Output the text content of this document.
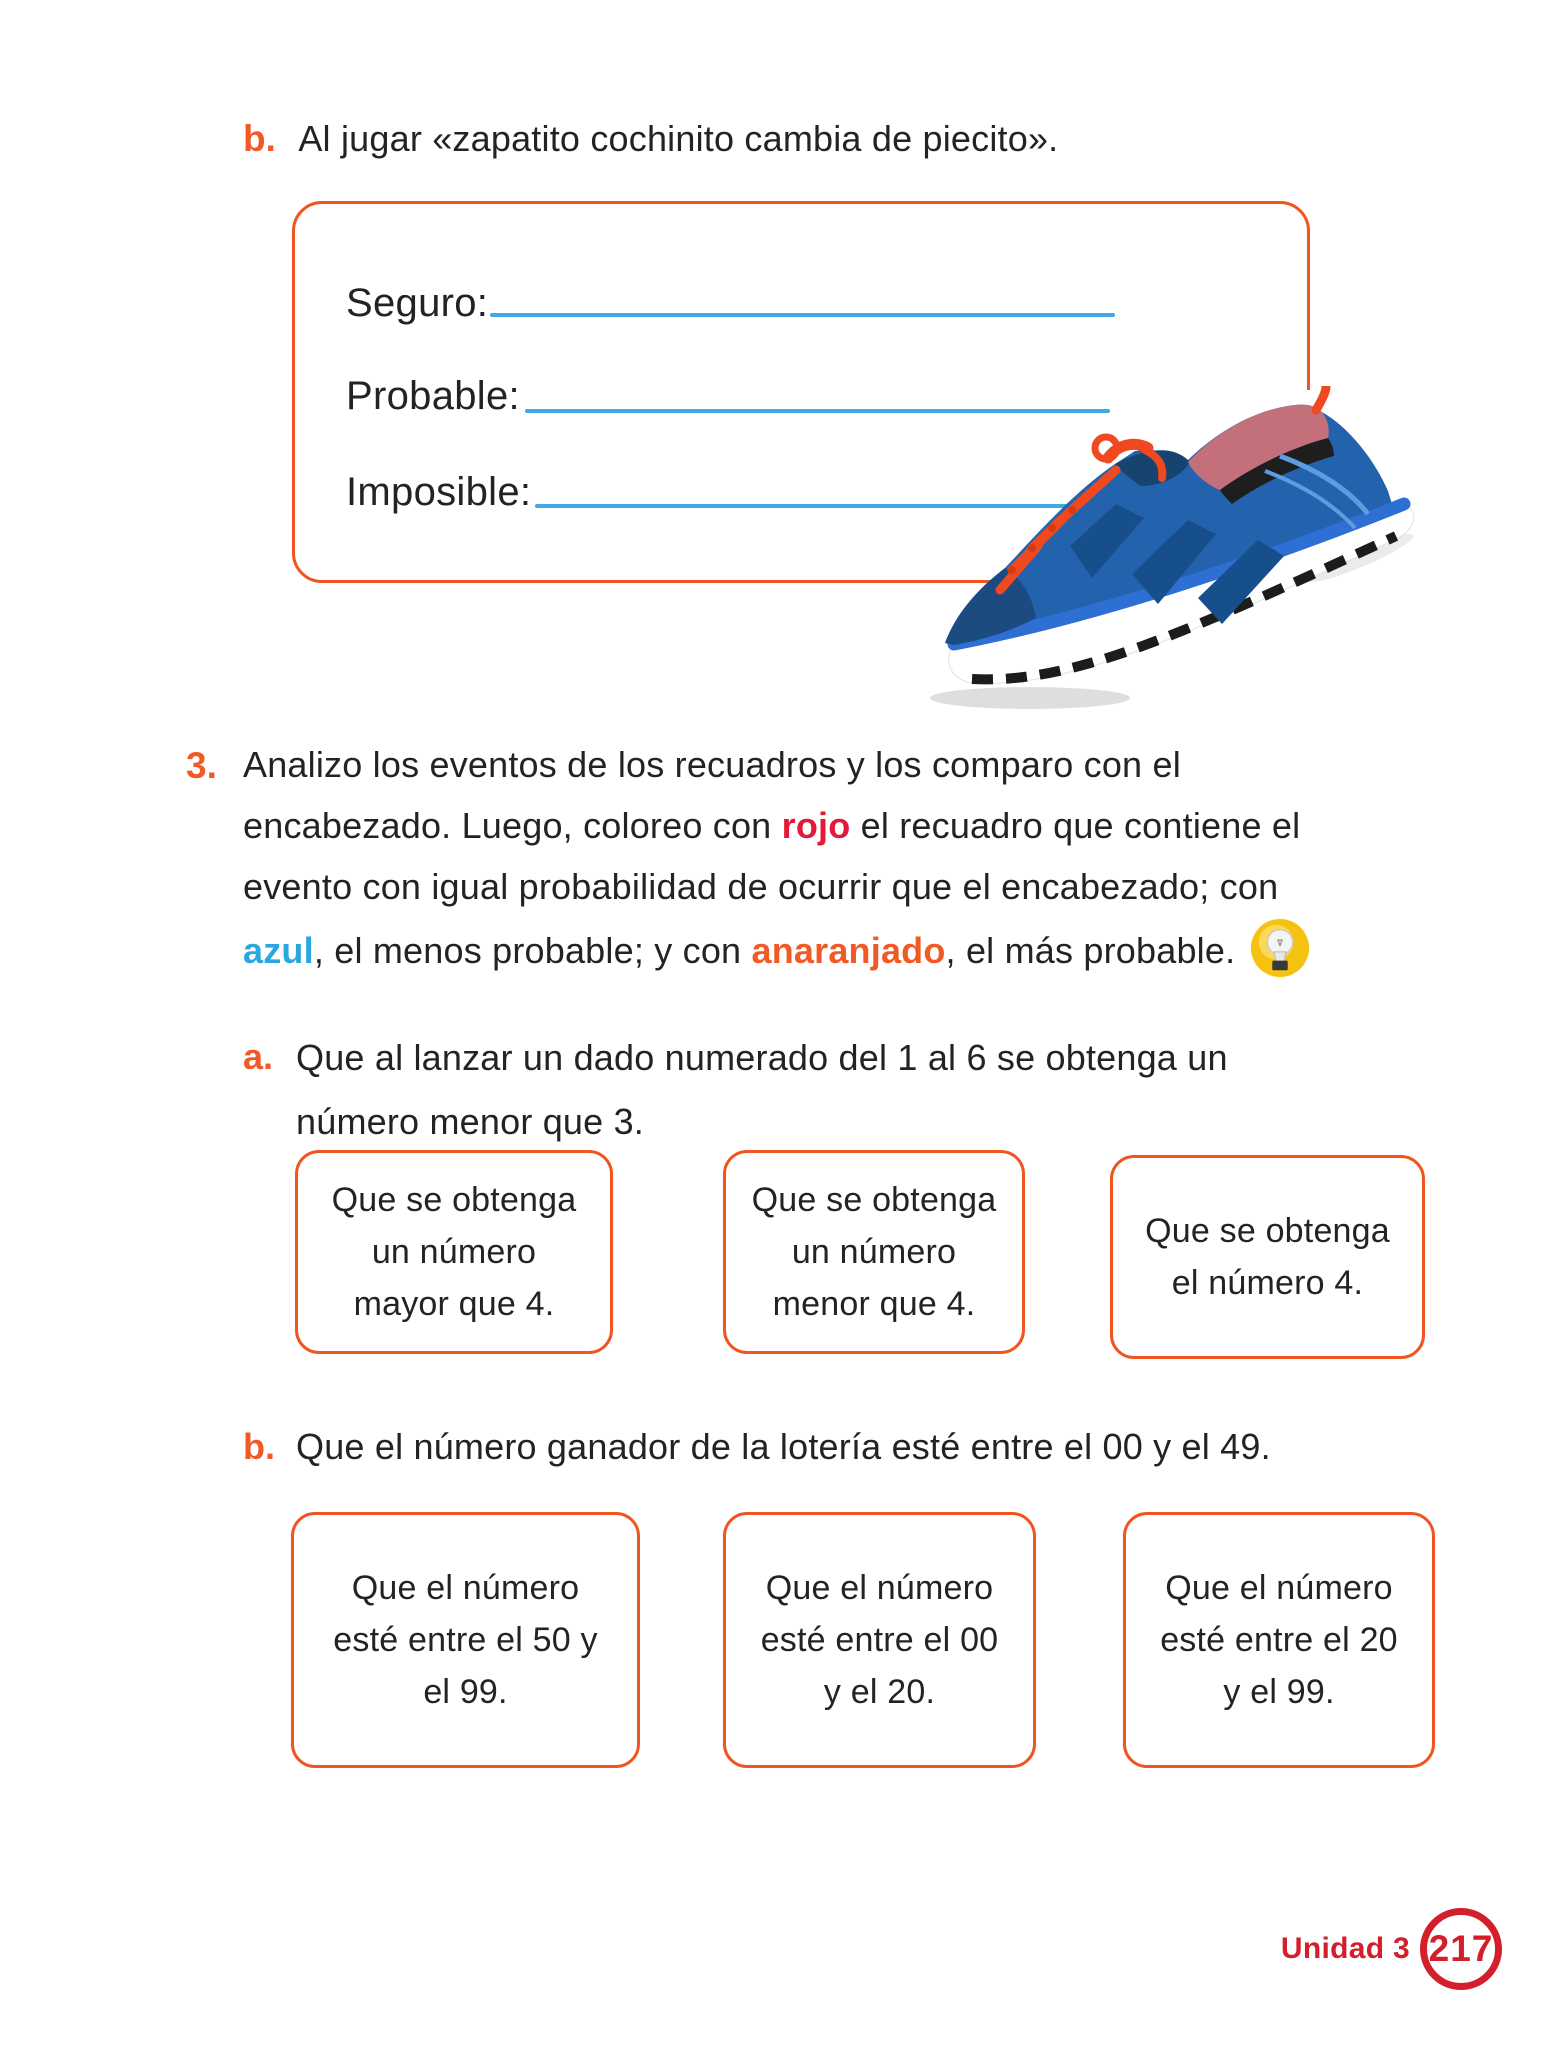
b. Al jugar «zapatito cochinito cambia de piecito».
Seguro:
Probable:
Imposible:
3. Analizo los eventos de los recuadros y los comparo con el
encabezado. Luego, coloreo con rojo el recuadro que contiene el
evento con igual probabilidad de ocurrir que el encabezado; con
azul, el menos probable; y con anaranjado, el más probable.
a. Que al lanzar un dado numerado del 1 al 6 se obtenga un
número menor que 3.
Que se obtenga
un número
mayor que 4.
Que se obtenga
un número
menor que 4.
Que se obtenga
el número 4.
b. Que el número ganador de la lotería esté entre el 00 y el 49.
Que el número
esté entre el 50 y
el 99.
Que el número
esté entre el 00
y el 20.
Que el número
esté entre el 20
y el 99.
Unidad 3 217
